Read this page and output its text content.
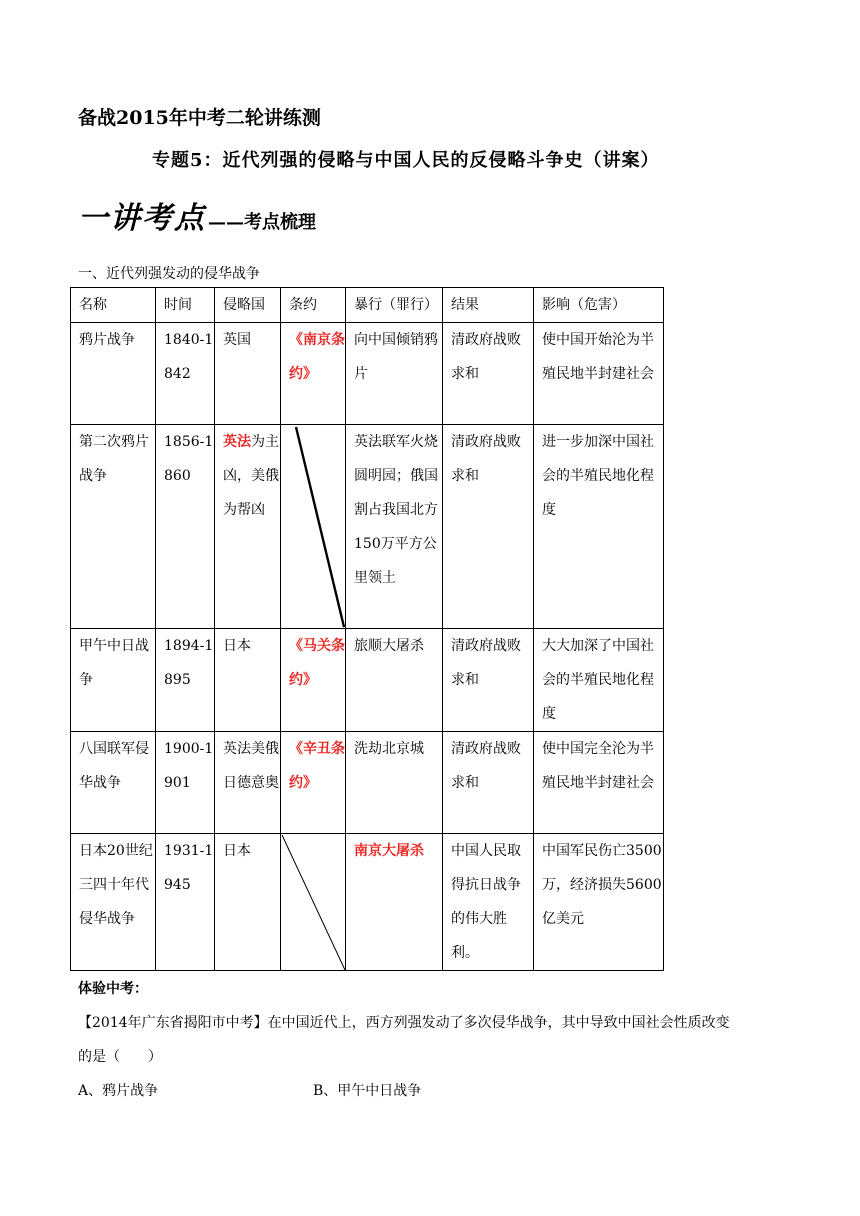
备战2015年中考二轮讲练测
专题5：近代列强的侵略与中国人民的反侵略斗争史（讲案）
一讲考点 ——考点梳理
一、近代列强发动的侵华战争
名称	时间	侵略国	条约	暴行（罪行）	结果	影响（危害）
鸦片战争	1840-1842	英国	《南京条约》	向中国倾销鸦片	清政府战败求和	使中国开始沦为半殖民地半封建社会
第二次鸦片战争	1856-1860	英法为主凶，美俄为帮凶		英法联军火烧圆明园；俄国割占我国北方150万平方公里领土	清政府战败求和	进一步加深中国社会的半殖民地化程度
甲午中日战争	1894-1895	日本	《马关条约》	旅顺大屠杀	清政府战败求和	大大加深了中国社会的半殖民地化程度
八国联军侵华战争	1900-1901	英法美俄日德意奥	《辛丑条约》	洗劫北京城	清政府战败求和	使中国完全沦为半殖民地半封建社会
日本20世纪三四十年代侵华战争	1931-1945	日本		南京大屠杀	中国人民取得抗日战争的伟大胜利。	中国军民伤亡3500万，经济损失5600亿美元
体验中考：
【2014年广东省揭阳市中考】在中国近代上，西方列强发动了多次侵华战争，其中导致中国社会性质改变
的是（　　）
A、鸦片战争	B、甲午中日战争
